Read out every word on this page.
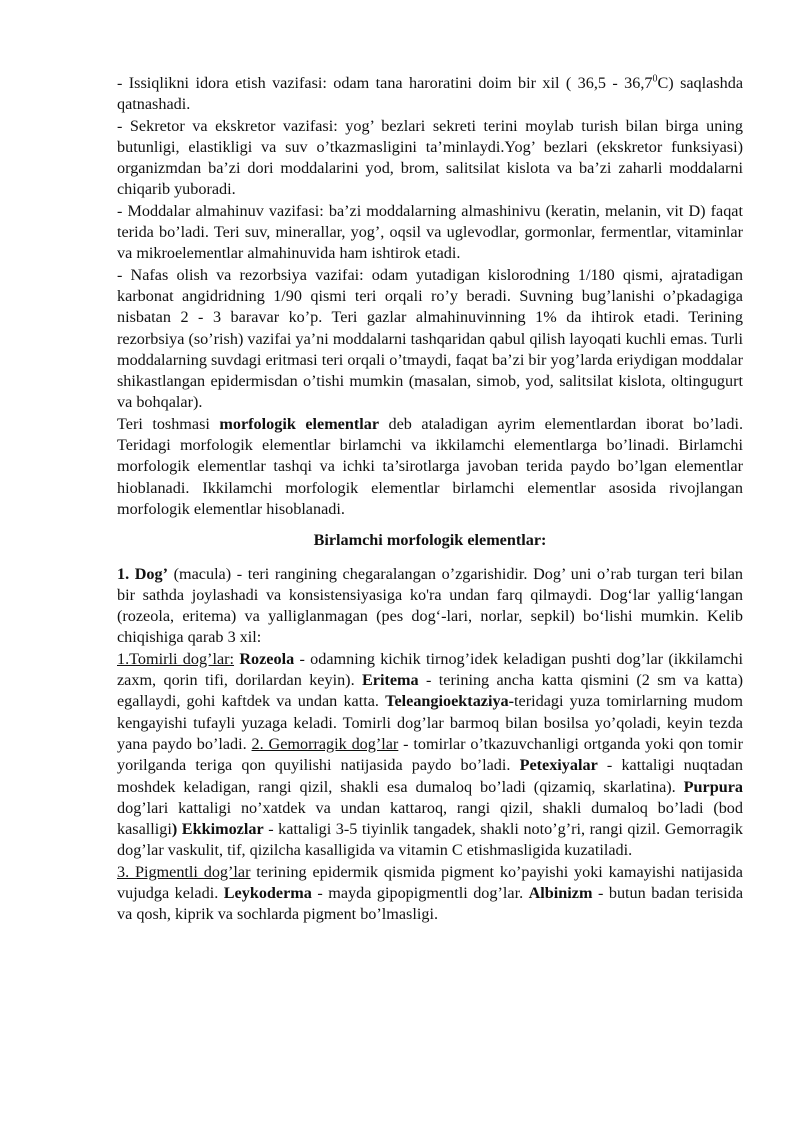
- Issiqlikni idora etish vazifasi: odam tana haroratini doim bir xil ( 36,5 - 36,7$^0$C) saqlashda qatnashadi.

- Sekretor va ekskretor vazifasi: yog’ bezlari sekreti terini moylab turish bilan birga uning butunligi, elastikligi va suv o’tkazmasligini ta’minlaydi.Yog’ bezlari (ekskretor funksiyasi) organizmdan ba’zi dori moddalarini yod, brom, salitsilat kislota va ba’zi zaharli moddalarni chiqarib yuboradi.

- Moddalar almahinuv vazifasi: ba’zi moddalarning almashinivu (keratin, melanin, vit D) faqat terida bo’ladi. Teri suv, minerallar, yog’, oqsil va uglevodlar, gormonlar, fermentlar, vitaminlar va mikroelementlar almahinuvida ham ishtirok etadi.

- Nafas olish va rezorbsiya vazifai: odam yutadigan kislorodning 1/180 qismi, ajratadigan karbonat angidridning 1/90 qismi teri orqali ro’y beradi. Suvning bug’lanishi o’pkadagiga nisbatan 2 - 3 baravar ko’p. Teri gazlar almahinuvinning 1% da ihtirok etadi. Terining rezorbsiya (so’rish) vazifai ya’ni moddalarni tashqaridan qabul qilish layoqati kuchli emas. Turli moddalarning suvdagi eritmasi teri orqali o’tmaydi, faqat ba’zi bir yog’larda eriydigan moddalar shikastlangan epidermisdan o’tishi mumkin (masalan, simob, yod, salitsilat kislota, oltingugurt va bohqalar).

Teri toshmasi morfologik elementlar deb ataladigan ayrim elementlardan iborat bo’ladi. Teridagi morfologik elementlar birlamchi va ikkilamchi elementlarga bo’linadi. Birlamchi morfologik elementlar tashqi va ichki ta’sirotlarga javoban terida paydo bo’lgan elementlar hioblanadi. Ikkilamchi morfologik elementlar birlamchi elementlar asosida rivojlangan morfologik elementlar hisoblanadi.

Birlamchi morfologik elementlar:

1. Dog’ (macula) - teri rangining chegaralangan o’zgarishidir. Dog’ uni o’rab turgan teri bilan bir sathda joylashadi va konsistensiyasiga ko'ra undan farq qilmaydi. Dog‘lar yallig‘langan (rozeola, eritema) va yalliglanmagan (pes dog‘-lari, norlar, sepkil) bo‘lishi mumkin. Kelib chiqishiga qarab 3 xil:

1.Tomirli dog’lar: Rozeola - odamning kichik tirnog’idek keladigan pushti dog’lar (ikkilamchi zaxm, qorin tifi, dorilardan keyin). Eritema - terining ancha katta qismini (2 sm va katta) egallaydi, gohi kaftdek va undan katta. Teleangioektaziya-teridagi yuza tomirlarning mudom kengayishi tufayli yuzaga keladi. Tomirli dog’lar barmoq bilan bosilsa yo’qoladi, keyin tezda yana paydo bo’ladi. 2. Gemorragik dog’lar - tomirlar o’tkazuvchanligi ortganda yoki qon tomir yorilganda teriga qon quyilishi natijasida paydo bo’ladi. Petexiyalar - kattaligi nuqtadan moshdek keladigan, rangi qizil, shakli esa dumaloq bo’ladi (qizamiq, skarlatina). Purpura dog’lari kattaligi no’xatdek va undan kattaroq, rangi qizil, shakli dumaloq bo’ladi (bod kasalligi) Ekkimozlar - kattaligi 3-5 tiyinlik tangadek, shakli noto’g’ri, rangi qizil. Gemorragik dog’lar vaskulit, tif, qizilcha kasalligida va vitamin C etishmasligida kuzatiladi.

3. Pigmentli dog’lar terining epidermik qismida pigment ko’payishi yoki kamayishi natijasida vujudga keladi. Leykoderma - mayda gipopigmentli dog’lar. Albinizm - butun badan terisida va qosh, kiprik va sochlarda pigment bo’lmasligi.
